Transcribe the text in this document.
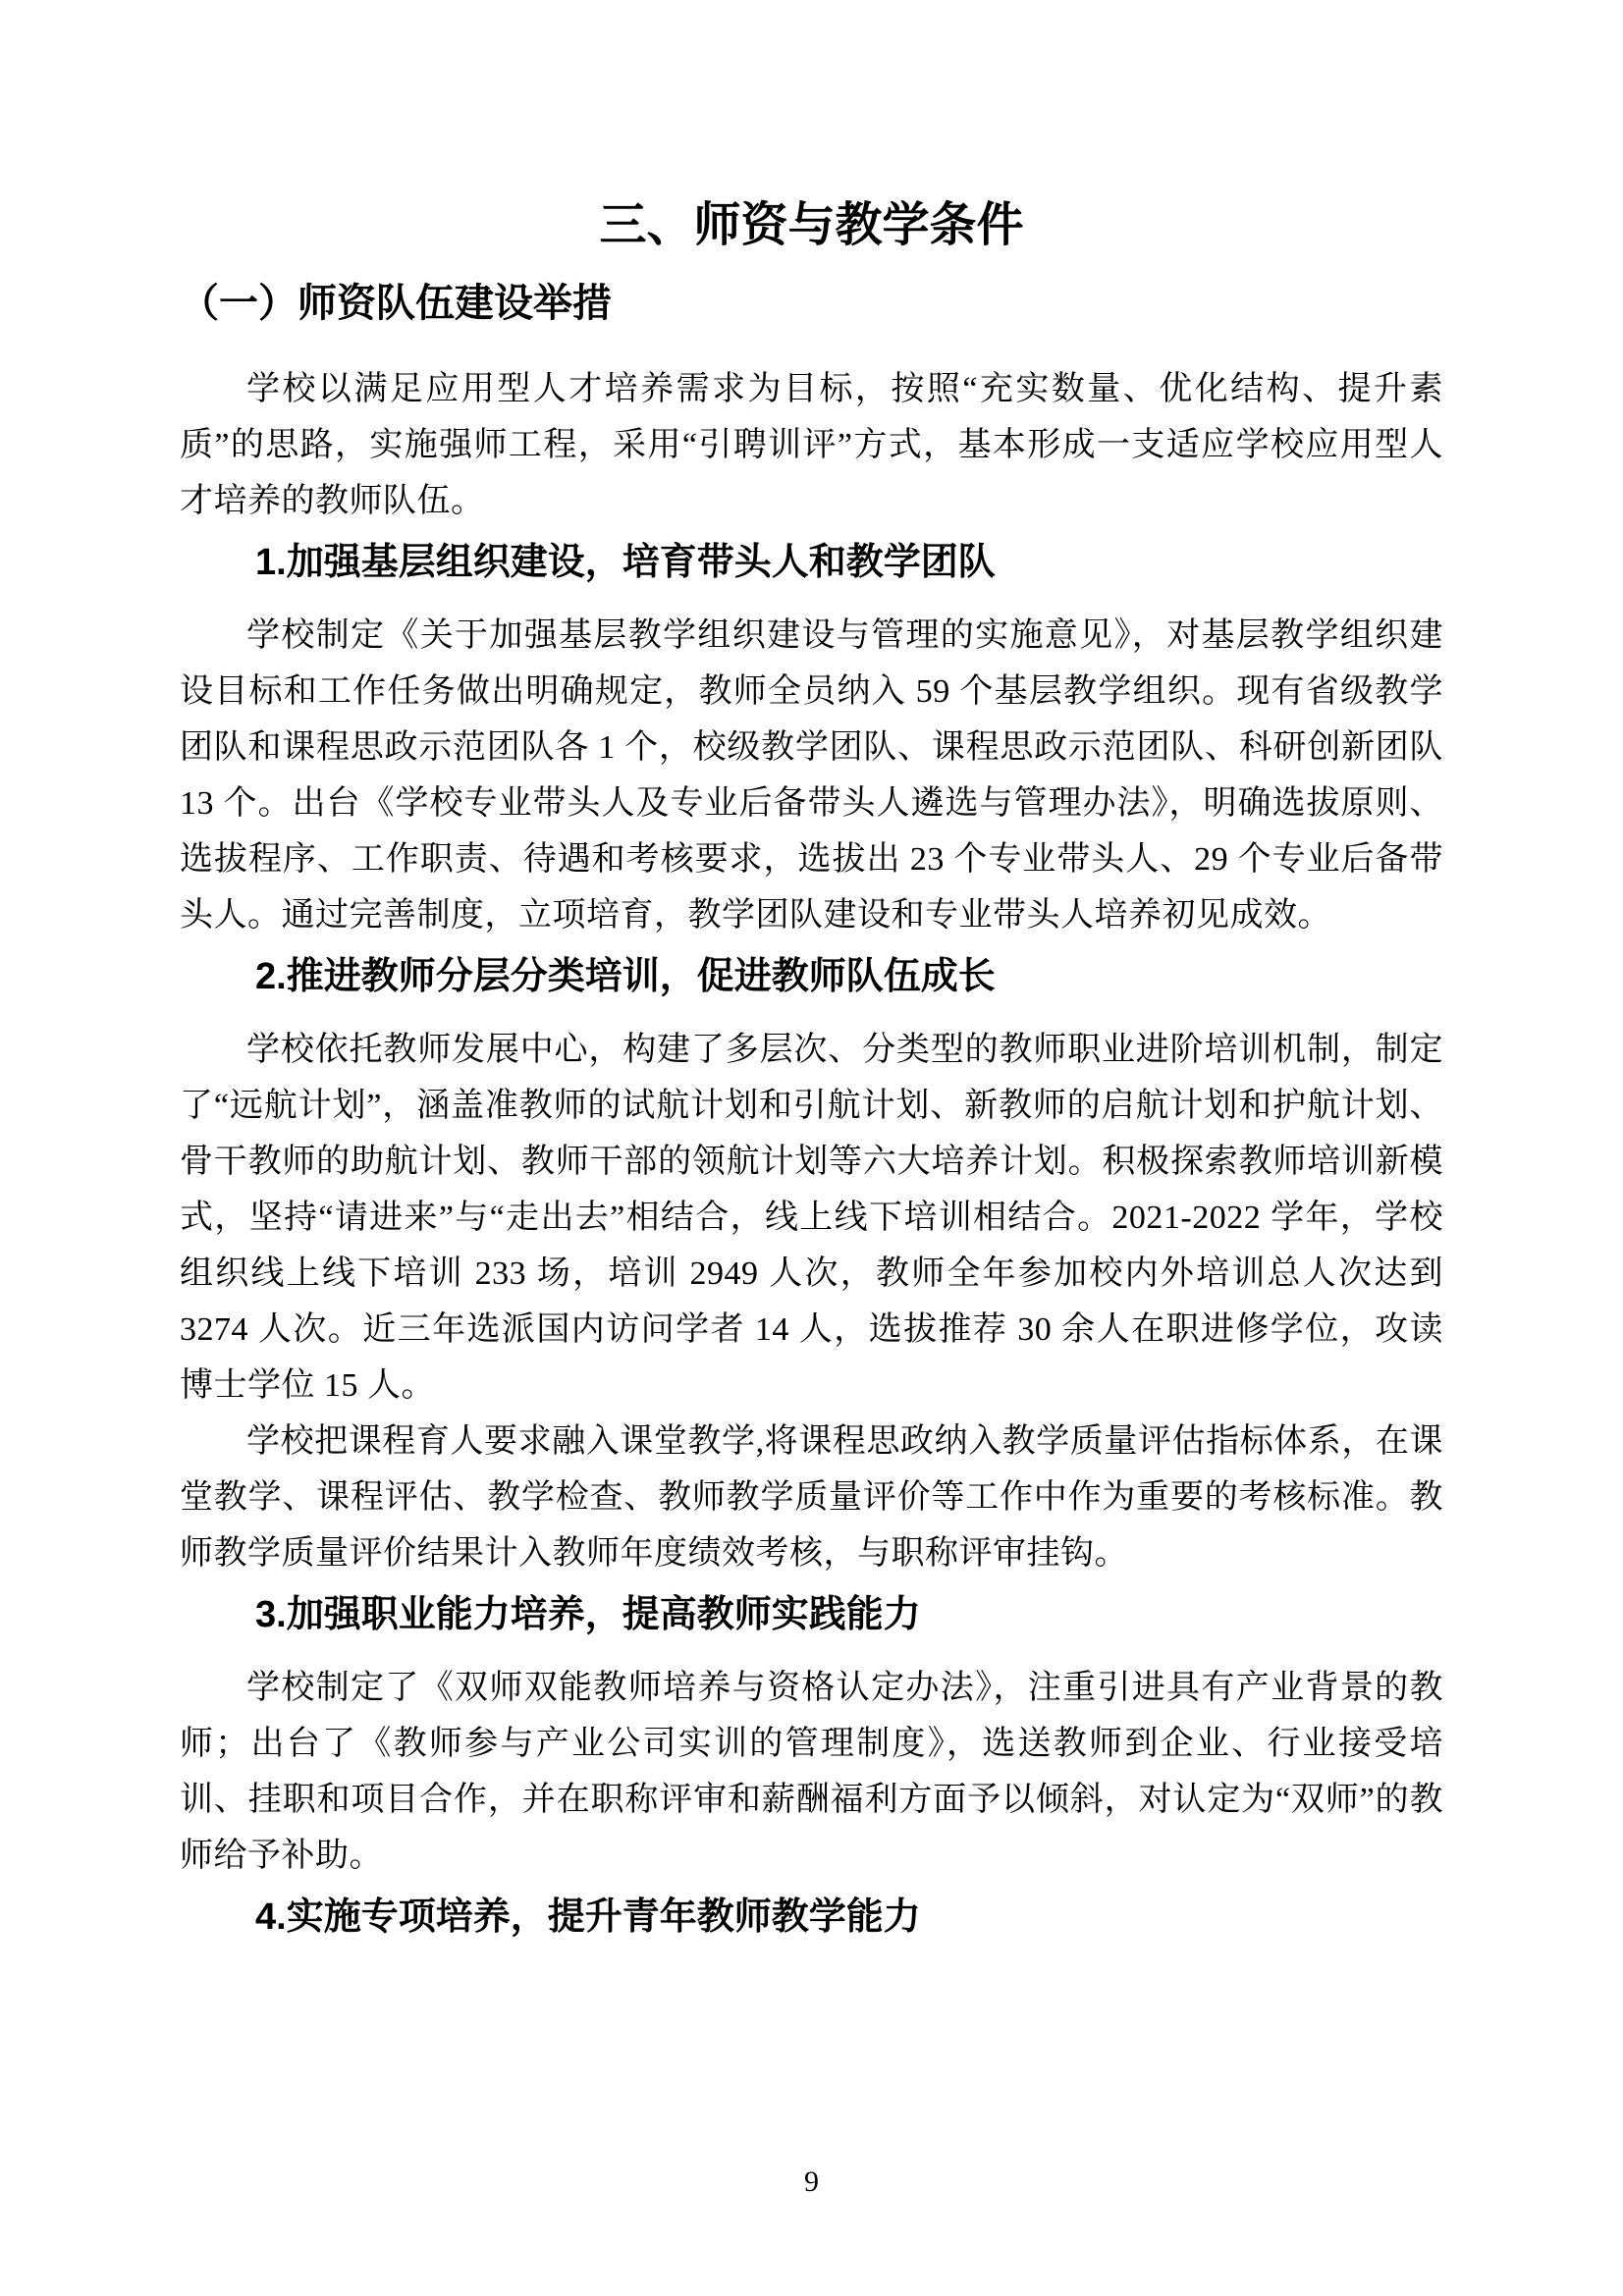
三、师资与教学条件
（一）师资队伍建设举措

学校以满足应用型人才培养需求为目标，按照“充实数量、优化结构、提升素质”的思路，实施强师工程，采用“引聘训评”方式，基本形成一支适应学校应用型人才培养的教师队伍。

1.加强基层组织建设，培育带头人和教学团队

学校制定《关于加强基层教学组织建设与管理的实施意见》，对基层教学组织建设目标和工作任务做出明确规定，教师全员纳入 59 个基层教学组织。现有省级教学团队和课程思政示范团队各 1 个，校级教学团队、课程思政示范团队、科研创新团队 13 个。出台《学校专业带头人及专业后备带头人遴选与管理办法》，明确选拔原则、选拔程序、工作职责、待遇和考核要求，选拔出 23 个专业带头人、29 个专业后备带头人。通过完善制度，立项培育，教学团队建设和专业带头人培养初见成效。

2.推进教师分层分类培训，促进教师队伍成长

学校依托教师发展中心，构建了多层次、分类型的教师职业进阶培训机制，制定了“远航计划”，涵盖准教师的试航计划和引航计划、新教师的启航计划和护航计划、骨干教师的助航计划、教师干部的领航计划等六大培养计划。积极探索教师培训新模式，坚持“请进来”与“走出去”相结合，线上线下培训相结合。2021-2022 学年，学校组织线上线下培训 233 场，培训 2949 人次，教师全年参加校内外培训总人次达到 3274 人次。近三年选派国内访问学者 14 人，选拔推荐 30 余人在职进修学位，攻读博士学位 15 人。

学校把课程育人要求融入课堂教学,将课程思政纳入教学质量评估指标体系，在课堂教学、课程评估、教学检查、教师教学质量评价等工作中作为重要的考核标准。教师教学质量评价结果计入教师年度绩效考核，与职称评审挂钩。

3.加强职业能力培养，提高教师实践能力

学校制定了《双师双能教师培养与资格认定办法》，注重引进具有产业背景的教师；出台了《教师参与产业公司实训的管理制度》，选送教师到企业、行业接受培训、挂职和项目合作，并在职称评审和薪酬福利方面予以倾斜，对认定为“双师”的教师给予补助。

4.实施专项培养，提升青年教师教学能力
9
